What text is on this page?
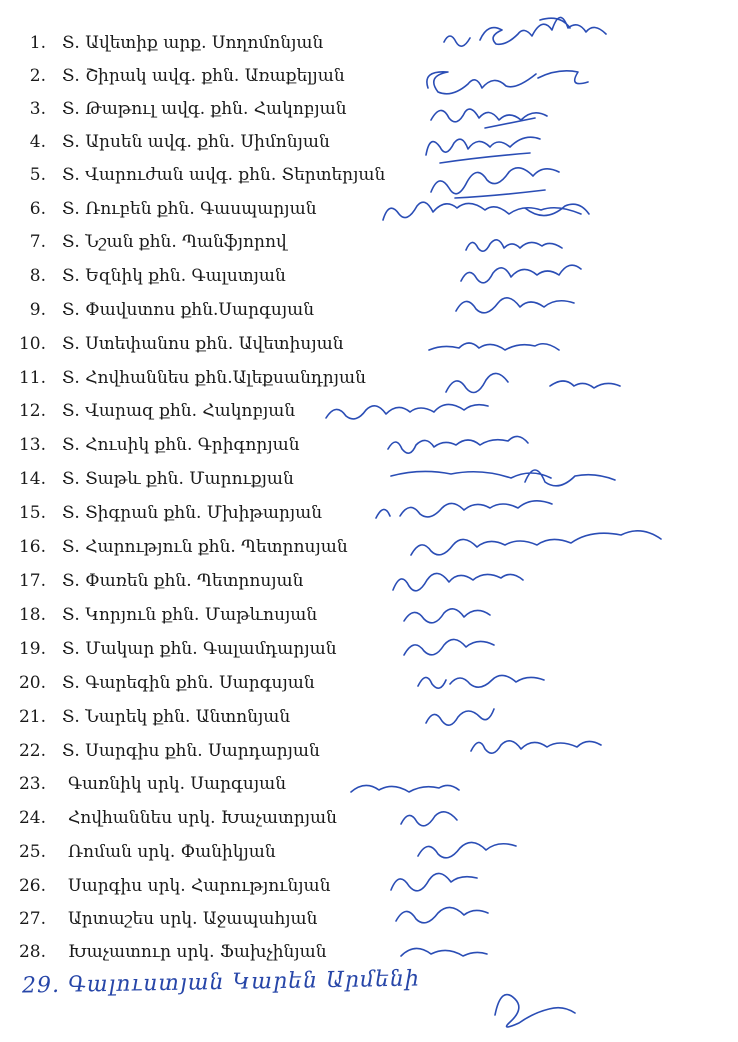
1. Տ. Ավետիք արք. Սողոմոնյան
2. Տ. Շիրակ ավգ. քհն. Առաքելյան
3. Տ. Թաթուլ ավգ. քհն. Հակոբյան
4. Տ. Արսեն ավգ. քհն. Սիմոնյան
5. Տ. Վարուժան ավգ. քհն. Տերտերյան
6. Տ. Ռուբեն քհն. Գասպարյան
7. Տ. Նշան քհն. Պանֆյորով
8. Տ. Եզնիկ քհն. Գալստյան
9. Տ. Փավստոս քհն.Սարգսյան
10. Տ. Ստեփանոս քհն. Ավետիսյան
11. Տ. Հովհաննես քհն.Ալեքսանդրյան
12. Տ. Վարազ քհն. Հակոբյան
13. Տ. Հուսիկ քհն. Գրիգորյան
14. Տ. Տաթև քհն. Մարուքյան
15. Տ. Տիգրան քհն. Մխիթարյան
16. Տ. Հարություն քհն. Պետրոսյան
17. Տ. Փառեն քհն. Պետրոսյան
18. Տ. Կորյուն քհն. Մաթևոսյան
19. Տ. Մակար քհն. Գալամդարյան
20. Տ. Գարեգին քհն. Սարգսյան
21. Տ. Նարեկ քհն. Անտոնյան
22. Տ. Սարգիս քհն. Սարդարյան
23. Գառնիկ սրկ. Սարգսյան
24. Հովհաննես սրկ. Խաչատրյան
25. Ռոման սրկ. Փանիկյան
26. Սարգիս սրկ. Հարությունյան
27. Արտաշես սրկ. Աջապահյան
28. Խաչատուր սրկ. Ֆախչինյան
29. Գալուստյան Կարեն Արմենի
